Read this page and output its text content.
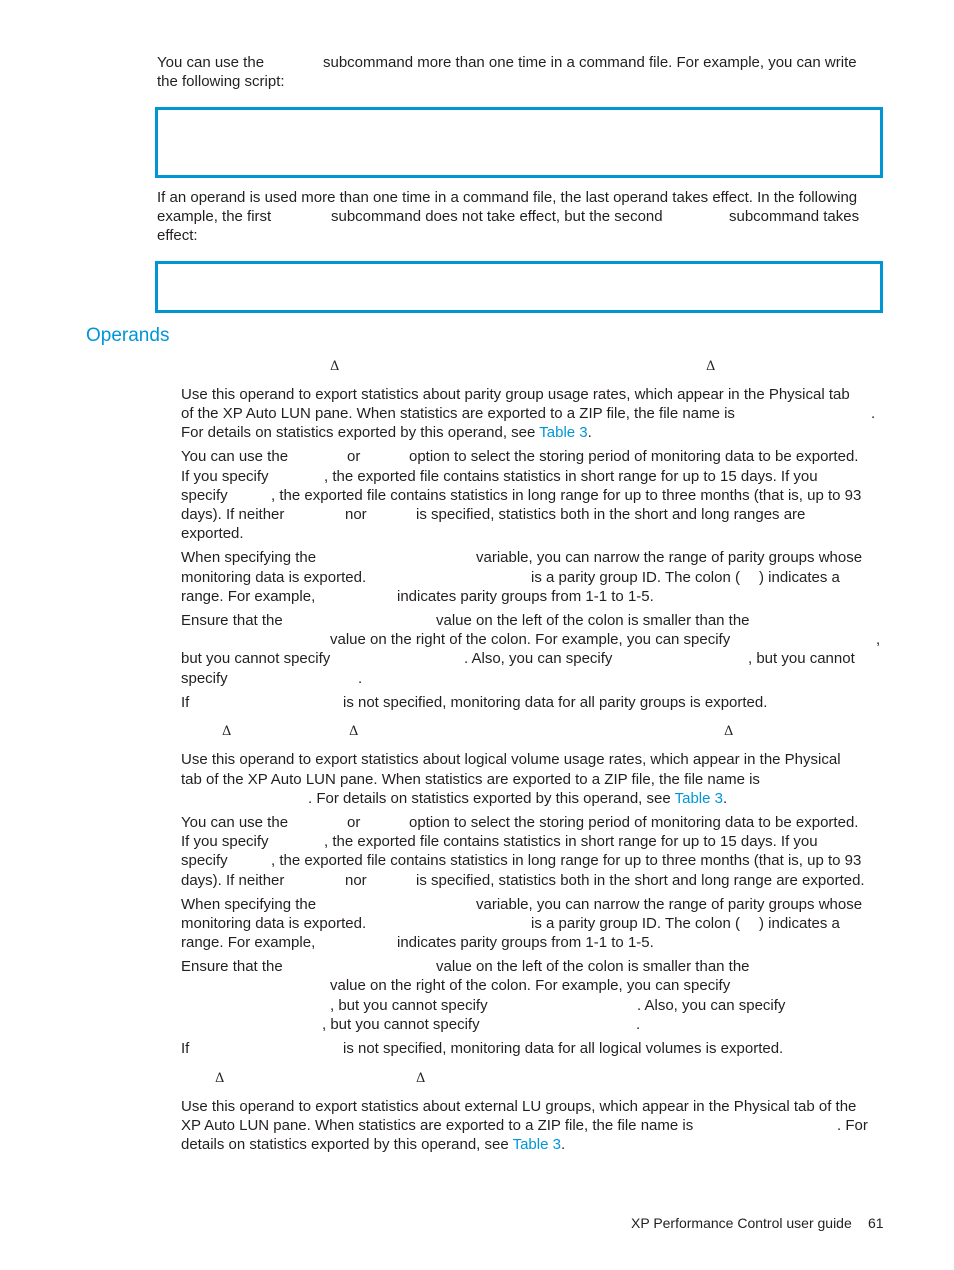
You can use the	subcommand more than one time in a command file. For example, you can write
the following script:
If an operand is used more than one time in a command file, the last operand takes effect. In the following
example, the first	subcommand does not take effect, but the second	subcommand takes
effect:
Operands
Δ	Δ
Use this operand to export statistics about parity group usage rates, which appear in the Physical tab
of the XP Auto LUN pane. When statistics are exported to a ZIP file, the file name is	.
For details on statistics exported by this operand, see Table 3.
You can use the	or	option to select the storing period of monitoring data to be exported.
If you specify	, the exported file contains statistics in short range for up to 15 days. If you
specify	, the exported file contains statistics in long range for up to three months (that is, up to 93
days). If neither	nor	is specified, statistics both in the short and long ranges are
exported.
When specifying the	variable, you can narrow the range of parity groups whose
monitoring data is exported.	is a parity group ID. The colon ( ) indicates a
range. For example,	indicates parity groups from 1-1 to 1-5.
Ensure that the	value on the left of the colon is smaller than the
value on the right of the colon. For example, you can specify	,
but you cannot specify	. Also, you can specify	, but you cannot
specify	.
If	is not specified, monitoring data for all parity groups is exported.
Δ	Δ	Δ
Use this operand to export statistics about logical volume usage rates, which appear in the Physical
tab of the XP Auto LUN pane. When statistics are exported to a ZIP file, the file name is
. For details on statistics exported by this operand, see Table 3.
You can use the	or	option to select the storing period of monitoring data to be exported.
If you specify	, the exported file contains statistics in short range for up to 15 days. If you
specify	, the exported file contains statistics in long range for up to three months (that is, up to 93
days). If neither	nor	is specified, statistics both in the short and long range are exported.
When specifying the	variable, you can narrow the range of parity groups whose
monitoring data is exported.	is a parity group ID. The colon ( ) indicates a
range. For example,	indicates parity groups from 1-1 to 1-5.
Ensure that the	value on the left of the colon is smaller than the
value on the right of the colon. For example, you can specify
, but you cannot specify	. Also, you can specify
, but you cannot specify	.
If	is not specified, monitoring data for all logical volumes is exported.
Δ	Δ
Use this operand to export statistics about external LU groups, which appear in the Physical tab of the
XP Auto LUN pane. When statistics are exported to a ZIP file, the file name is	. For
details on statistics exported by this operand, see Table 3.
XP Performance Control user guide 61
